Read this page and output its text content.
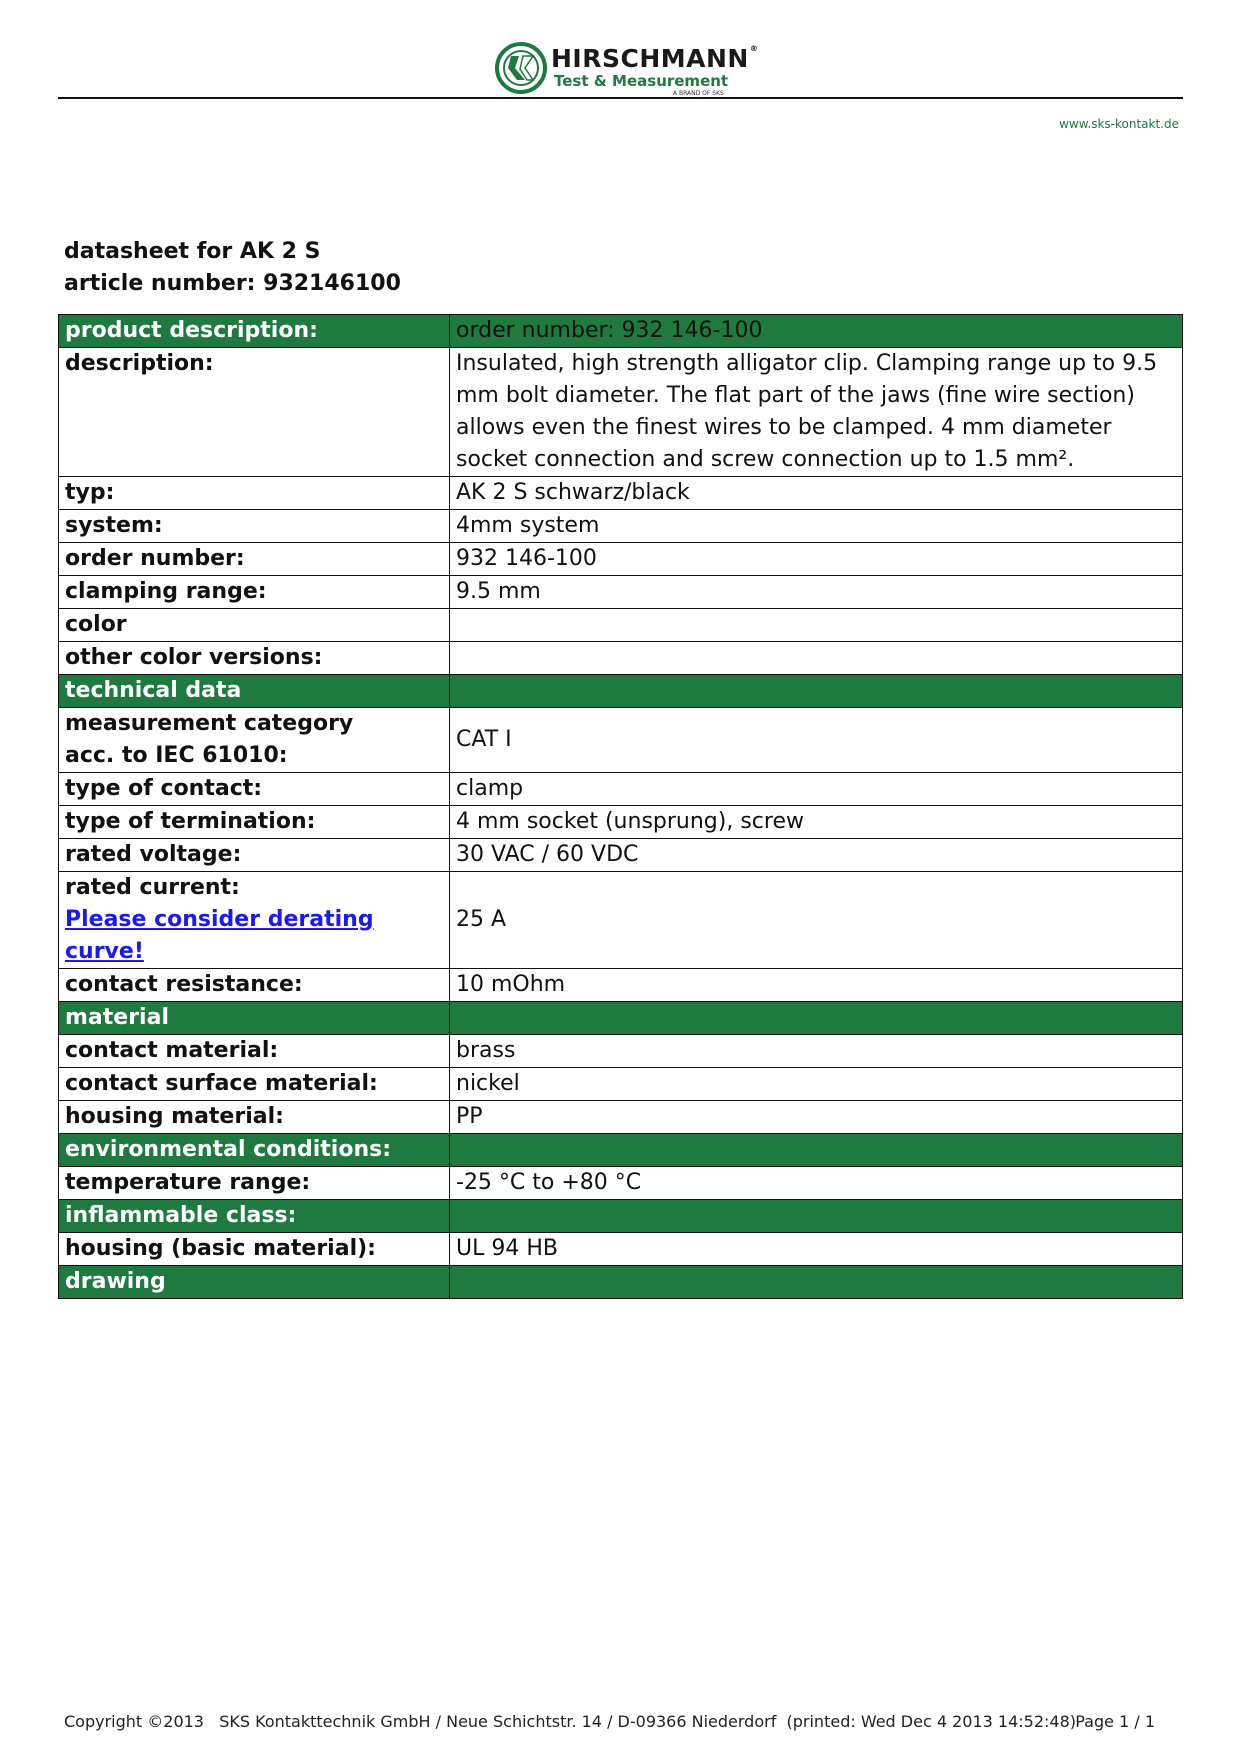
HIRSCHMANN®
Test & Measurement
A BRAND OF SKS
www.sks-kontakt.de
datasheet for AK 2 S
article number: 932146100
product description:	order number: 932 146-100
description:	Insulated, high strength alligator clip. Clamping range up to 9.5 mm bolt diameter. The flat part of the jaws (fine wire section) allows even the finest wires to be clamped. 4 mm diameter socket connection and screw connection up to 1.5 mm².
typ:	AK 2 S schwarz/black
system:	4mm system
order number:	932 146-100
clamping range:	9.5 mm
color	
other color versions:	
technical data	

measurement category
acc. to IEC 61010:	CAT I
type of contact:	clamp
type of termination:	4 mm socket (unsprung), screw
rated voltage:	30 VAC / 60 VDC

rated current:
Please consider derating curve!	25 A
contact resistance:	10 mOhm
material	
contact material:	brass
contact surface material:	nickel
housing material:	PP
environmental conditions:	
temperature range:	-25 °C to +80 °C
inflammable class:	
housing (basic material):	UL 94 HB
drawing	
Copyright ©2013   SKS Kontakttechnik GmbH / Neue Schichtstr. 14 / D-09366 Niederdorf  (printed: Wed Dec 4 2013 14:52:48) Page 1 / 1
